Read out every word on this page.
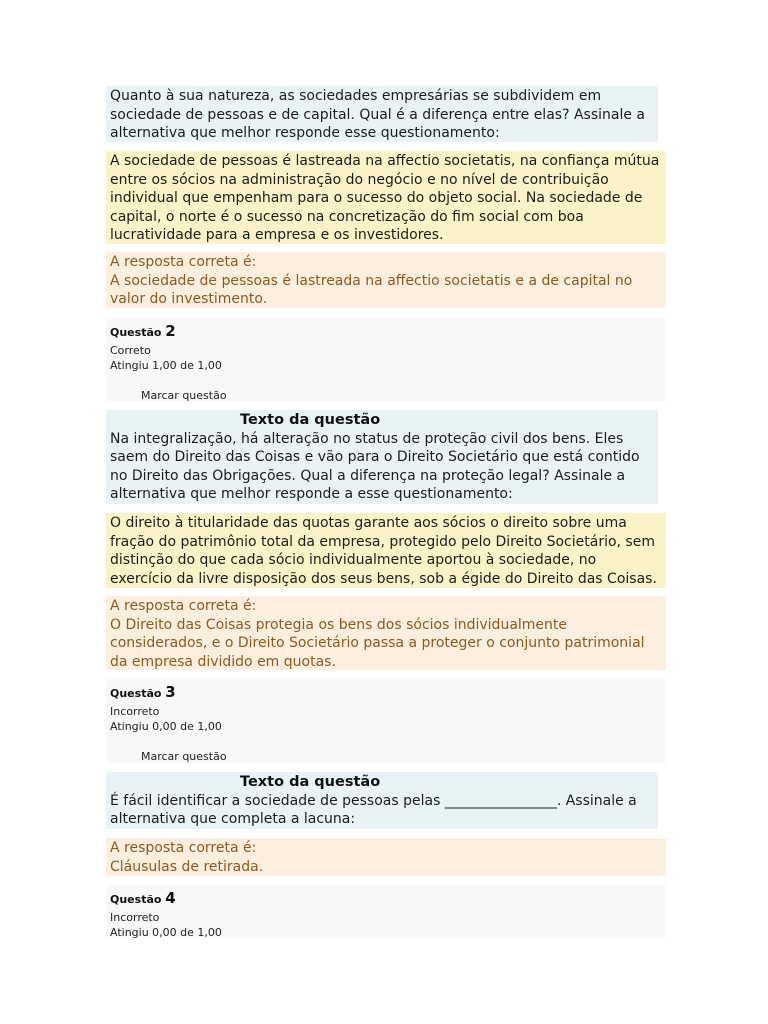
Quanto à sua natureza, as sociedades empresárias se subdividem em sociedade de pessoas e de capital. Qual é a diferença entre elas? Assinale a alternativa que melhor responde esse questionamento:
A sociedade de pessoas é lastreada na affectio societatis, na confiança mútua entre os sócios na administração do negócio e no nível de contribuição individual que empenham para o sucesso do objeto social. Na sociedade de capital, o norte é o sucesso na concretização do fim social com boa lucratividade para a empresa e os investidores.
A resposta correta é:
A sociedade de pessoas é lastreada na affectio societatis e a de capital no valor do investimento.
Questão 2
Correto
Atingiu 1,00 de 1,00
Marcar questão
Texto da questão
Na integralização, há alteração no status de proteção civil dos bens. Eles saem do Direito das Coisas e vão para o Direito Societário que está contido no Direito das Obrigações. Qual a diferença na proteção legal? Assinale a alternativa que melhor responde a esse questionamento:
O direito à titularidade das quotas garante aos sócios o direito sobre uma fração do patrimônio total da empresa, protegido pelo Direito Societário, sem distinção do que cada sócio individualmente aportou à sociedade, no exercício da livre disposição dos seus bens, sob a égide do Direito das Coisas.
A resposta correta é:
O Direito das Coisas protegia os bens dos sócios individualmente considerados, e o Direito Societário passa a proteger o conjunto patrimonial da empresa dividido em quotas.
Questão 3
Incorreto
Atingiu 0,00 de 1,00
Marcar questão
Texto da questão
É fácil identificar a sociedade de pessoas pelas ________________. Assinale a alternativa que completa a lacuna:
A resposta correta é:
Cláusulas de retirada.
Questão 4
Incorreto
Atingiu 0,00 de 1,00
